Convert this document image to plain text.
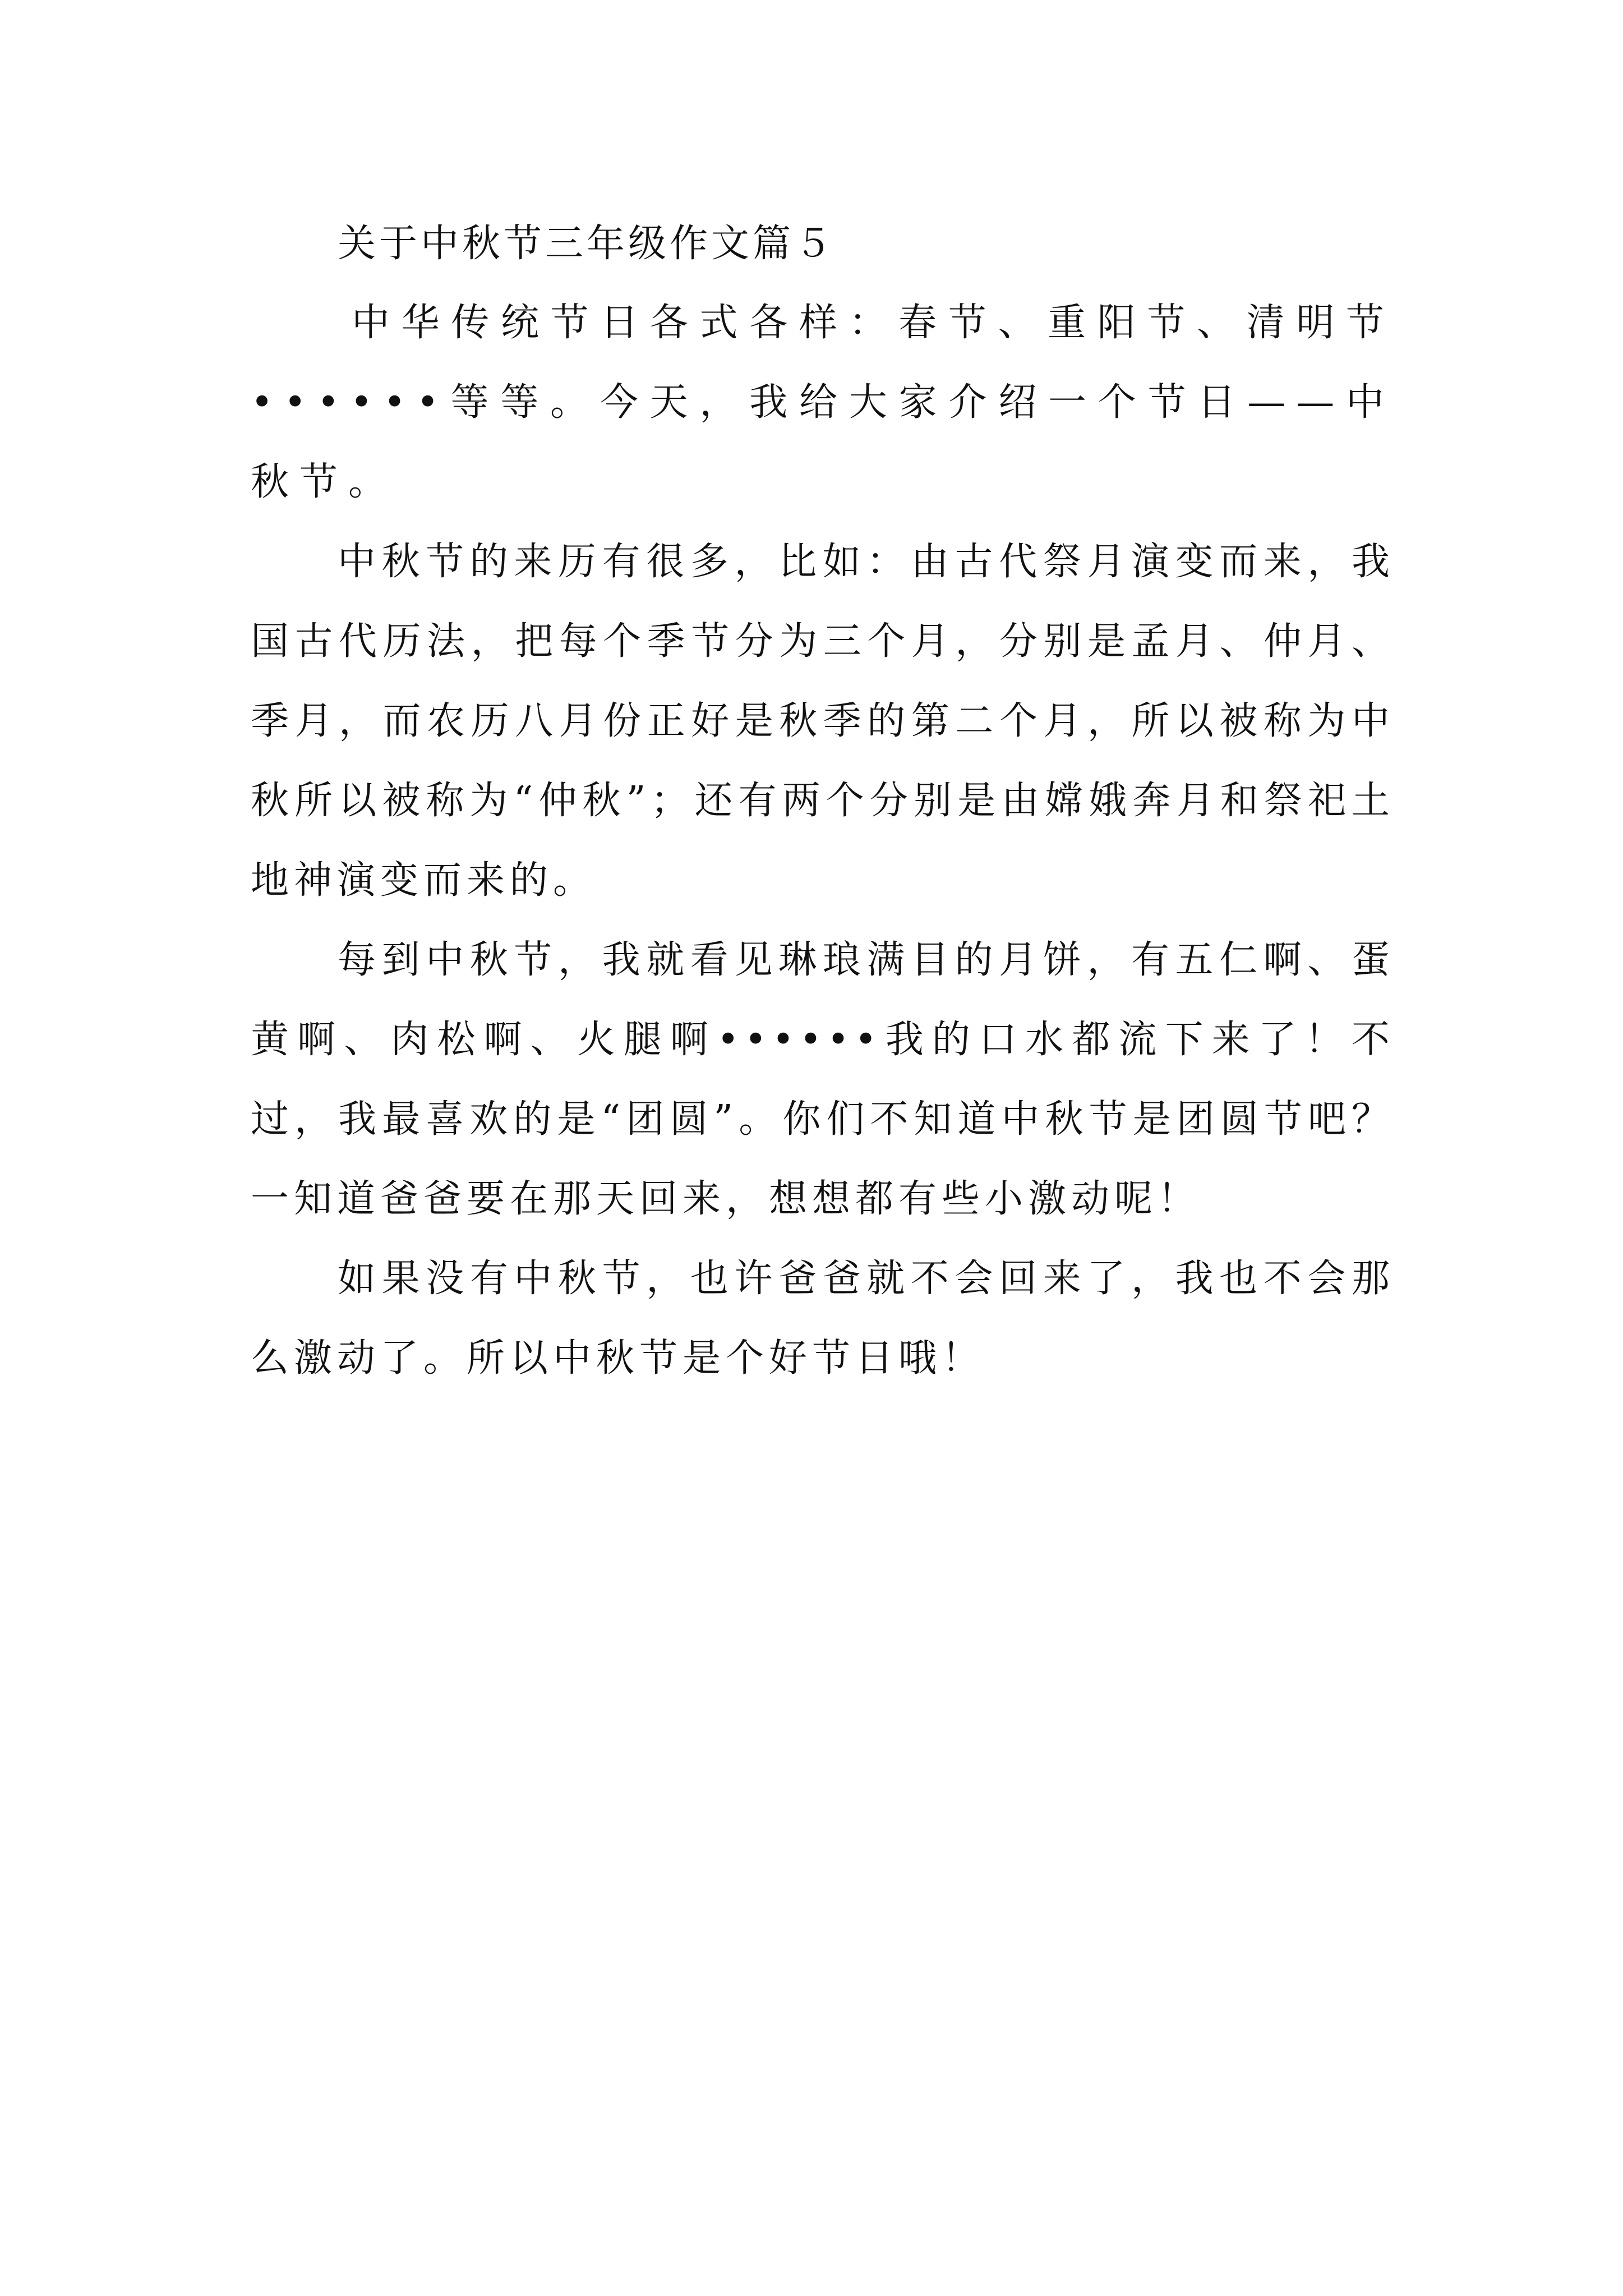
关于中秋节三年级作文篇５

中华传统节日各式各样：春节、重阳节、清明节••••••等等。今天，我给大家介绍一个节日——中秋节。

中秋节的来历有很多，比如：由古代祭月演变而来，我国古代历法，把每个季节分为三个月，分别是孟月、仲月、季月，而农历八月份正好是秋季的第二个月，所以被称为中秋所以被称为“仲秋”；还有两个分别是由嫦娥奔月和祭祀土地神演变而来的。

每到中秋节，我就看见琳琅满目的月饼，有五仁啊、蛋黄啊、肉松啊、火腿啊••••••我的口水都流下来了！不过，我最喜欢的是“团圆”。你们不知道中秋节是团圆节吧？一知道爸爸要在那天回来，想想都有些小激动呢！

如果没有中秋节，也许爸爸就不会回来了，我也不会那么激动了。所以中秋节是个好节日哦！
